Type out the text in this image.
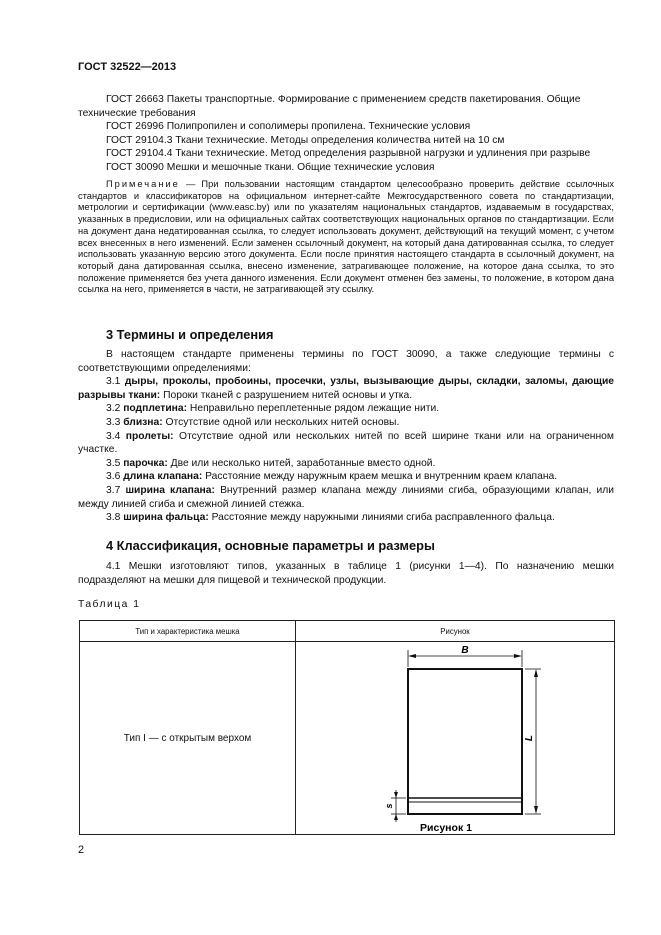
ГОСТ 32522—2013

ГОСТ 26663 Пакеты транспортные. Формирование с применением средств пакетирования. Общие технические требования

ГОСТ 26996 Полипропилен и сополимеры пропилена. Технические условия

ГОСТ 29104.3 Ткани технические. Методы определения количества нитей на 10 см

ГОСТ 29104.4 Ткани технические. Метод определения разрывной нагрузки и удлинения при разрыве

ГОСТ 30090 Мешки и мешочные ткани. Общие технические условия

Примечание — При пользовании настоящим стандартом целесообразно проверить действие ссылочных стандартов и классификаторов на официальном интернет-сайте Межгосударственного совета по стандартизации, метрологии и сертификации (www.easc.by) или по указателям национальных стандартов, издаваемым в государствах, указанных в предисловии, или на официальных сайтах соответствующих национальных органов по стандартизации. Если на документ дана недатированная ссылка, то следует использовать документ, действующий на текущий момент, с учетом всех внесенных в него изменений. Если заменен ссылочный документ, на который дана датированная ссылка, то следует использовать указанную версию этого документа. Если после принятия настоящего стандарта в ссылочный документ, на который дана датированная ссылка, внесено изменение, затрагивающее положение, на которое дана ссылка, то это положение применяется без учета данного изменения. Если документ отменен без замены, то положение, в котором дана ссылка на него, применяется в части, не затрагивающей эту ссылку.

3 Термины и определения

В настоящем стандарте применены термины по ГОСТ 30090, а также следующие термины с соответствующими определениями:

3.1 дыры, проколы, пробоины, просечки, узлы, вызывающие дыры, складки, заломы, дающие разрывы ткани: Пороки тканей с разрушением нитей основы и утка.

3.2 подплетина: Неправильно переплетенные рядом лежащие нити.

3.3 близна: Отсутствие одной или нескольких нитей основы.

3.4 пролеты: Отсутствие одной или нескольких нитей по всей ширине ткани или на ограниченном участке.

3.5 парочка: Две или несколько нитей, заработанные вместо одной.

3.6 длина клапана: Расстояние между наружным краем мешка и внутренним краем клапана.

3.7 ширина клапана: Внутренний размер клапана между линиями сгиба, образующими клапан, или между линией сгиба и смежной линией стежка.

3.8 ширина фальца: Расстояние между наружными линиями сгиба расправленного фальца.

4 Классификация, основные параметры и размеры

4.1 Мешки изготовляют типов, указанных в таблице 1 (рисунки 1—4). По назначению мешки подразделяют на мешки для пищевой и технической продукции.

Таблица 1
Тип и характеристика мешка	Рисунок
Тип I — с открытым верхом	B
L
s
Рисунок 1
2
